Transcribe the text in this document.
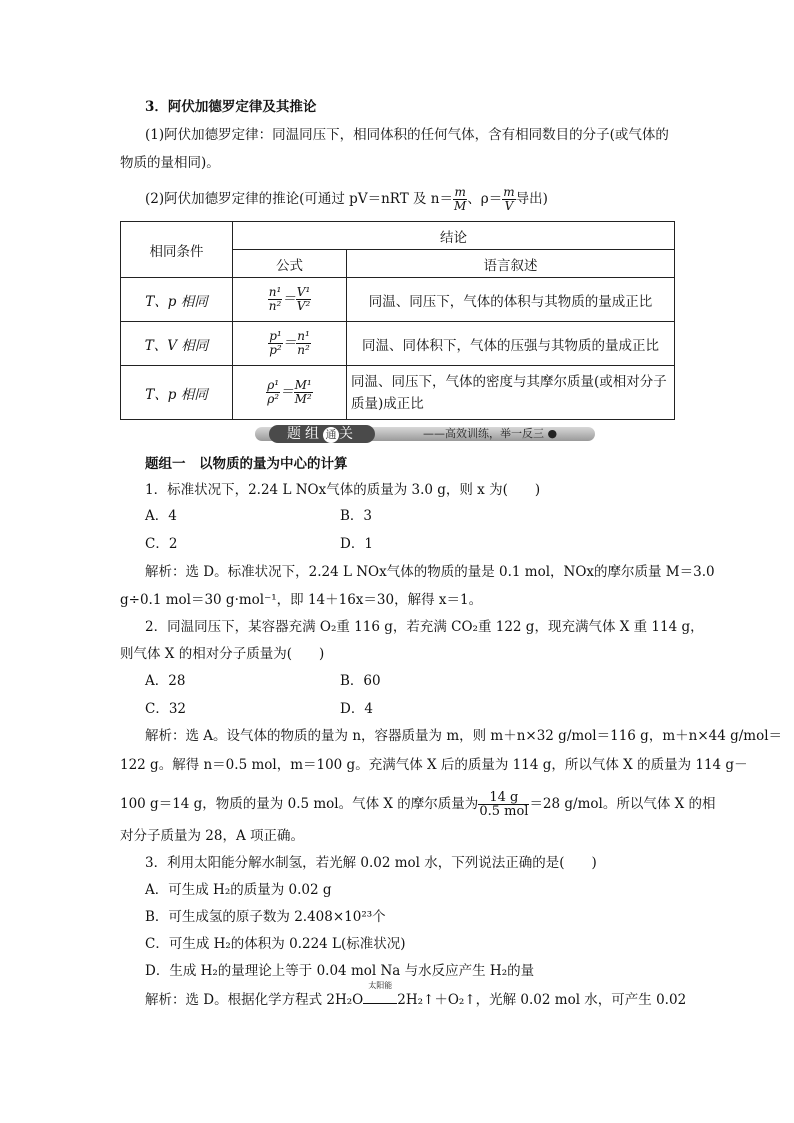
3．阿伏加德罗定律及其推论
(1)阿伏加德罗定律：同温同压下，相同体积的任何气体，含有相同数目的分子(或气体的
物质的量相同)。
(2)阿伏加德罗定律的推论(可通过 pV＝nRT 及 $n= \frac{m}{M}$ 、$\rho= \frac{m}{V}$ 导出)
相同条件	结论	
	公式	语言叙述
T、p 相同	$\frac{\text{n¹}}{\text{n²}} = \frac{\text{V¹}}{\text{V²}}$	同温、同压下，气体的体积与其物质的量成正比
T、V 相同	$\frac{\text{p¹}}{\text{p²}} = \frac{\text{n¹}}{\text{n²}}$	同温、同体积下，气体的压强与其物质的量成正比
T、p 相同	$\frac{\text{ρ¹}}{\text{ρ²}} = \frac{\text{M¹}}{\text{M²}}$	同温、同压下，气体的密度与其摩尔质量(或相对分子质量)成正比
题组 通 关	——高效训练，举一反三 ●
题组一　以物质的量为中心的计算
1．标准状况下，2.24 L NOx气体的质量为 3.0 g，则 x 为(　　)
A．4	B．3
C．2	D．1
解析：选 D。标准状况下，2.24 L NOx气体的物质的量是 0.1 mol，NOx的摩尔质量 M＝3.0
g÷0.1 mol＝30 g·mol⁻¹，即 14＋16x＝30，解得 x＝1。
2．同温同压下，某容器充满 O₂重 116 g，若充满 CO₂重 122 g，现充满气体 X 重 114 g，
则气体 X 的相对分子质量为(　　)
A．28	B．60
C．32	D．4
解析：选 A。设气体的物质的量为 n，容器质量为 m，则 m＋n×32 g/mol＝116 g，m＋n×44 g/mol＝
122 g。解得 n＝0.5 mol，m＝100 g。充满气体 X 后的质量为 114 g，所以气体 X 的质量为 114 g－
100 g＝14 g，物质的量为 0.5 mol。气体 X 的摩尔质量为 $\frac{14 g}{\text{0.5 mol}} =28$ g/mol。所以气体 X 的相
对分子质量为 28，A 项正确。
3．利用太阳能分解水制氢，若光解 0.02 mol 水，下列说法正确的是(　　)
A．可生成 H₂的质量为 0.02 g
B．可生成氢的原子数为 2.408×10²³个
C．可生成 H₂的体积为 0.224 L(标准状况)
D．生成 H₂的量理论上等于 0.04 mol Na 与水反应产生 H₂的量
解析：选 D。根据化学方程式 2H₂O
太阳能
2H₂↑＋O₂↑，光解 0.02 mol 水，可产生 0.02
